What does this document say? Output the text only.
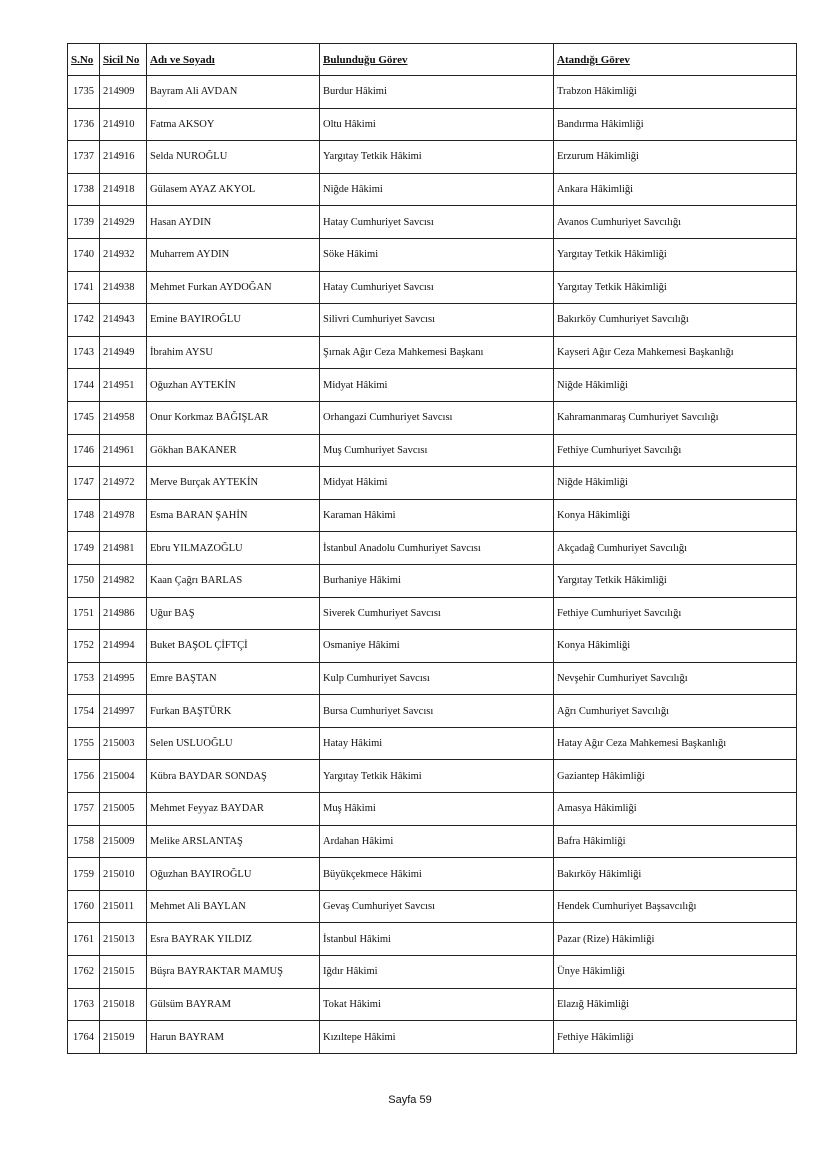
S.No	Sicil No	Adı ve Soyadı	Bulunduğu Görev	Atandığı Görev
1735	214909	Bayram Ali AVDAN	Burdur Hâkimi	Trabzon Hâkimliği
1736	214910	Fatma AKSOY	Oltu Hâkimi	Bandırma Hâkimliği
1737	214916	Selda NUROĞLU	Yargıtay Tetkik Hâkimi	Erzurum Hâkimliği
1738	214918	Gülasem AYAZ AKYOL	Niğde Hâkimi	Ankara Hâkimliği
1739	214929	Hasan AYDIN	Hatay Cumhuriyet Savcısı	Avanos Cumhuriyet Savcılığı
1740	214932	Muharrem AYDIN	Söke Hâkimi	Yargıtay Tetkik Hâkimliği
1741	214938	Mehmet Furkan AYDOĞAN	Hatay Cumhuriyet Savcısı	Yargıtay Tetkik Hâkimliği
1742	214943	Emine BAYIROĞLU	Silivri Cumhuriyet Savcısı	Bakırköy Cumhuriyet Savcılığı
1743	214949	İbrahim AYSU	Şırnak Ağır Ceza Mahkemesi Başkanı	Kayseri Ağır Ceza Mahkemesi Başkanlığı
1744	214951	Oğuzhan AYTEKİN	Midyat Hâkimi	Niğde Hâkimliği
1745	214958	Onur Korkmaz BAĞIŞLAR	Orhangazi Cumhuriyet Savcısı	Kahramanmaraş Cumhuriyet Savcılığı
1746	214961	Gökhan BAKANER	Muş Cumhuriyet Savcısı	Fethiye Cumhuriyet Savcılığı
1747	214972	Merve Burçak AYTEKİN	Midyat Hâkimi	Niğde Hâkimliği
1748	214978	Esma BARAN ŞAHİN	Karaman Hâkimi	Konya Hâkimliği
1749	214981	Ebru YILMAZOĞLU	İstanbul Anadolu Cumhuriyet Savcısı	Akçadağ Cumhuriyet Savcılığı
1750	214982	Kaan Çağrı BARLAS	Burhaniye Hâkimi	Yargıtay Tetkik Hâkimliği
1751	214986	Uğur BAŞ	Siverek Cumhuriyet Savcısı	Fethiye Cumhuriyet Savcılığı
1752	214994	Buket BAŞOL ÇİFTÇİ	Osmaniye Hâkimi	Konya Hâkimliği
1753	214995	Emre BAŞTAN	Kulp Cumhuriyet Savcısı	Nevşehir Cumhuriyet Savcılığı
1754	214997	Furkan BAŞTÜRK	Bursa Cumhuriyet Savcısı	Ağrı Cumhuriyet Savcılığı
1755	215003	Selen USLUOĞLU	Hatay Hâkimi	Hatay Ağır Ceza Mahkemesi Başkanlığı
1756	215004	Kübra BAYDAR SONDAŞ	Yargıtay Tetkik Hâkimi	Gaziantep Hâkimliği
1757	215005	Mehmet Feyyaz BAYDAR	Muş Hâkimi	Amasya Hâkimliği
1758	215009	Melike ARSLANTAŞ	Ardahan Hâkimi	Bafra Hâkimliği
1759	215010	Oğuzhan BAYIROĞLU	Büyükçekmece Hâkimi	Bakırköy Hâkimliği
1760	215011	Mehmet Ali BAYLAN	Gevaş Cumhuriyet Savcısı	Hendek Cumhuriyet Başsavcılığı
1761	215013	Esra BAYRAK YILDIZ	İstanbul Hâkimi	Pazar (Rize) Hâkimliği
1762	215015	Büşra BAYRAKTAR MAMUŞ	Iğdır Hâkimi	Ünye Hâkimliği
1763	215018	Gülsüm BAYRAM	Tokat Hâkimi	Elazığ Hâkimliği
1764	215019	Harun BAYRAM	Kızıltepe Hâkimi	Fethiye Hâkimliği
Sayfa 59
